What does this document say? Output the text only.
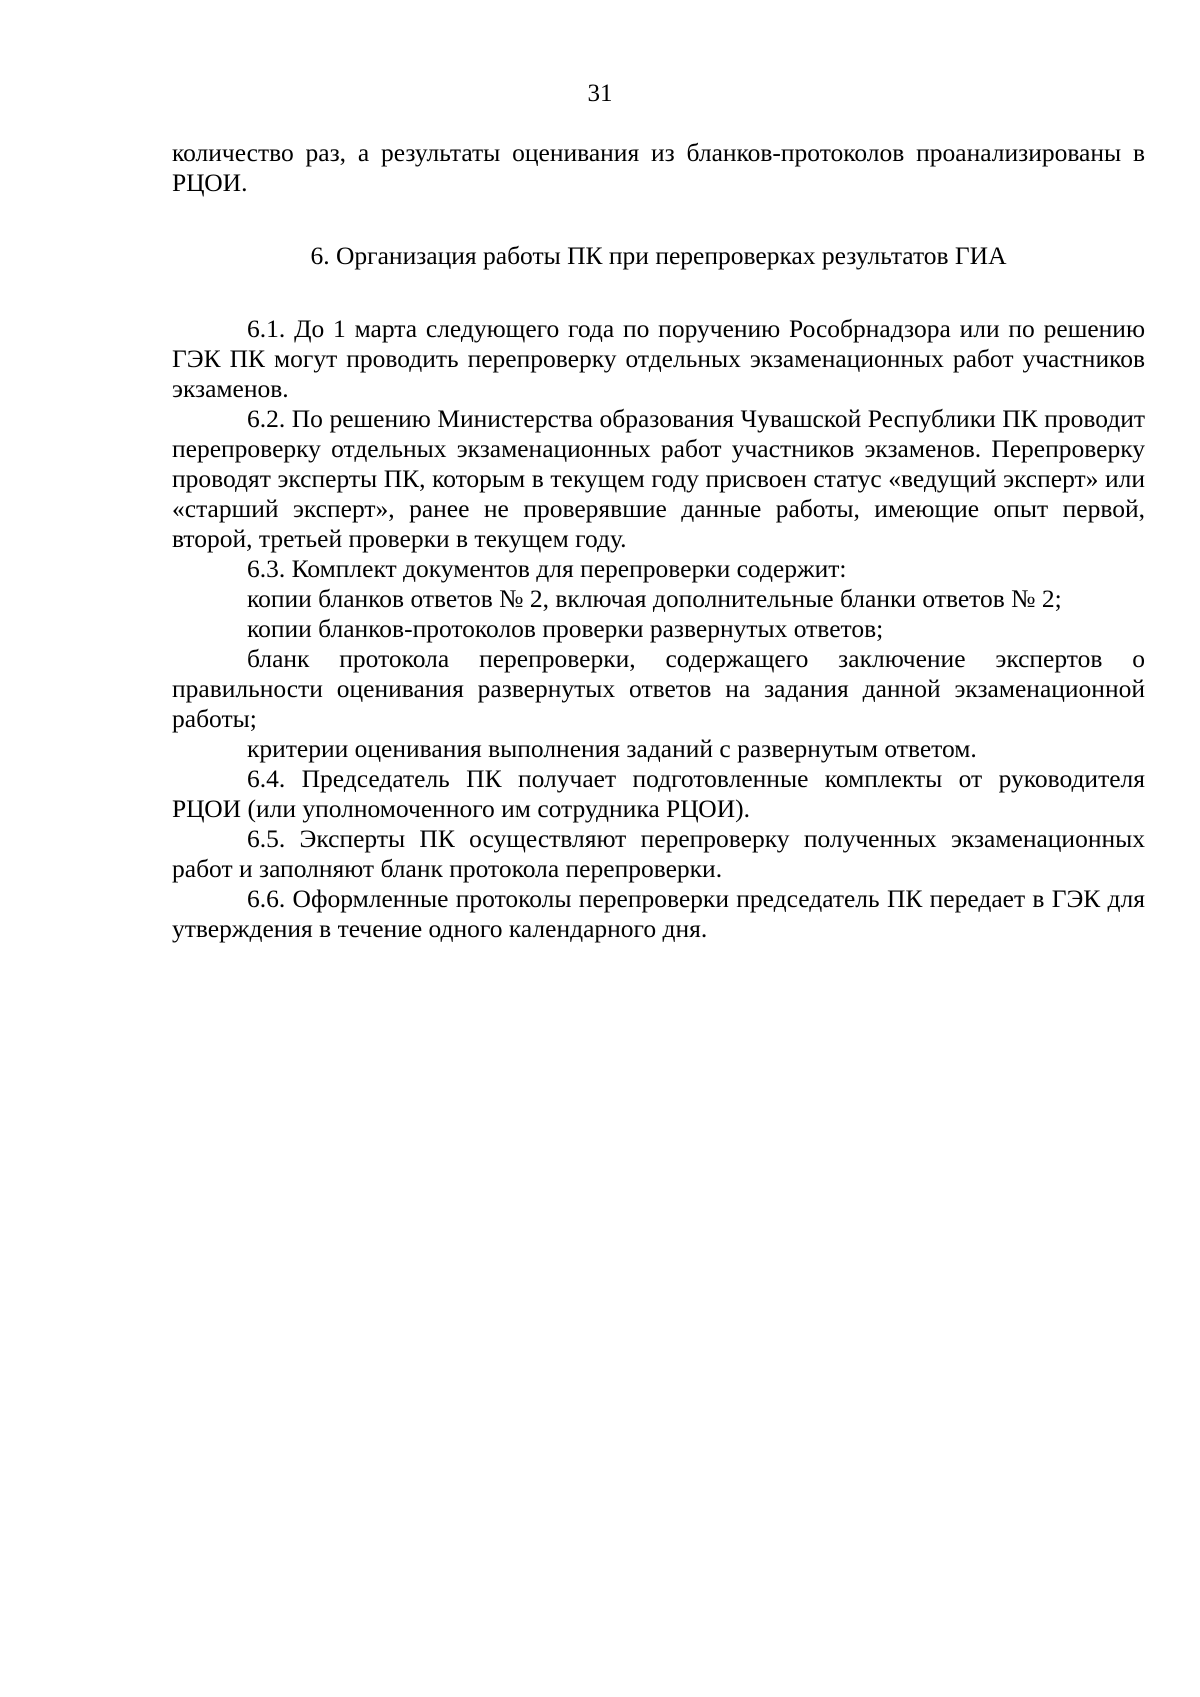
31

количество раз, а результаты оценивания из бланков-протоколов проанализированы в РЦОИ.

6. Организация работы ПК при перепроверках результатов ГИА

6.1. До 1 марта следующего года по поручению Рособрнадзора или по решению ГЭК ПК могут проводить перепроверку отдельных экзаменационных работ участников экзаменов.

6.2. По решению Министерства образования Чувашской Республики ПК проводит перепроверку отдельных экзаменационных работ участников экзаменов. Перепроверку проводят эксперты ПК, которым в текущем году присвоен статус «ведущий эксперт» или «старший эксперт», ранее не проверявшие данные работы, имеющие опыт первой, второй, третьей проверки в текущем году.

6.3. Комплект документов для перепроверки содержит:

копии бланков ответов № 2, включая дополнительные бланки ответов № 2;

копии бланков-протоколов проверки развернутых ответов;

бланк протокола перепроверки, содержащего заключение экспертов о правильности оценивания развернутых ответов на задания данной экзаменационной работы;

критерии оценивания выполнения заданий с развернутым ответом.

6.4. Председатель ПК получает подготовленные комплекты от руководителя РЦОИ (или уполномоченного им сотрудника РЦОИ).

6.5. Эксперты ПК осуществляют перепроверку полученных экзаменационных работ и заполняют бланк протокола перепроверки.

6.6. Оформленные протоколы перепроверки председатель ПК передает в ГЭК для утверждения в течение одного календарного дня.
